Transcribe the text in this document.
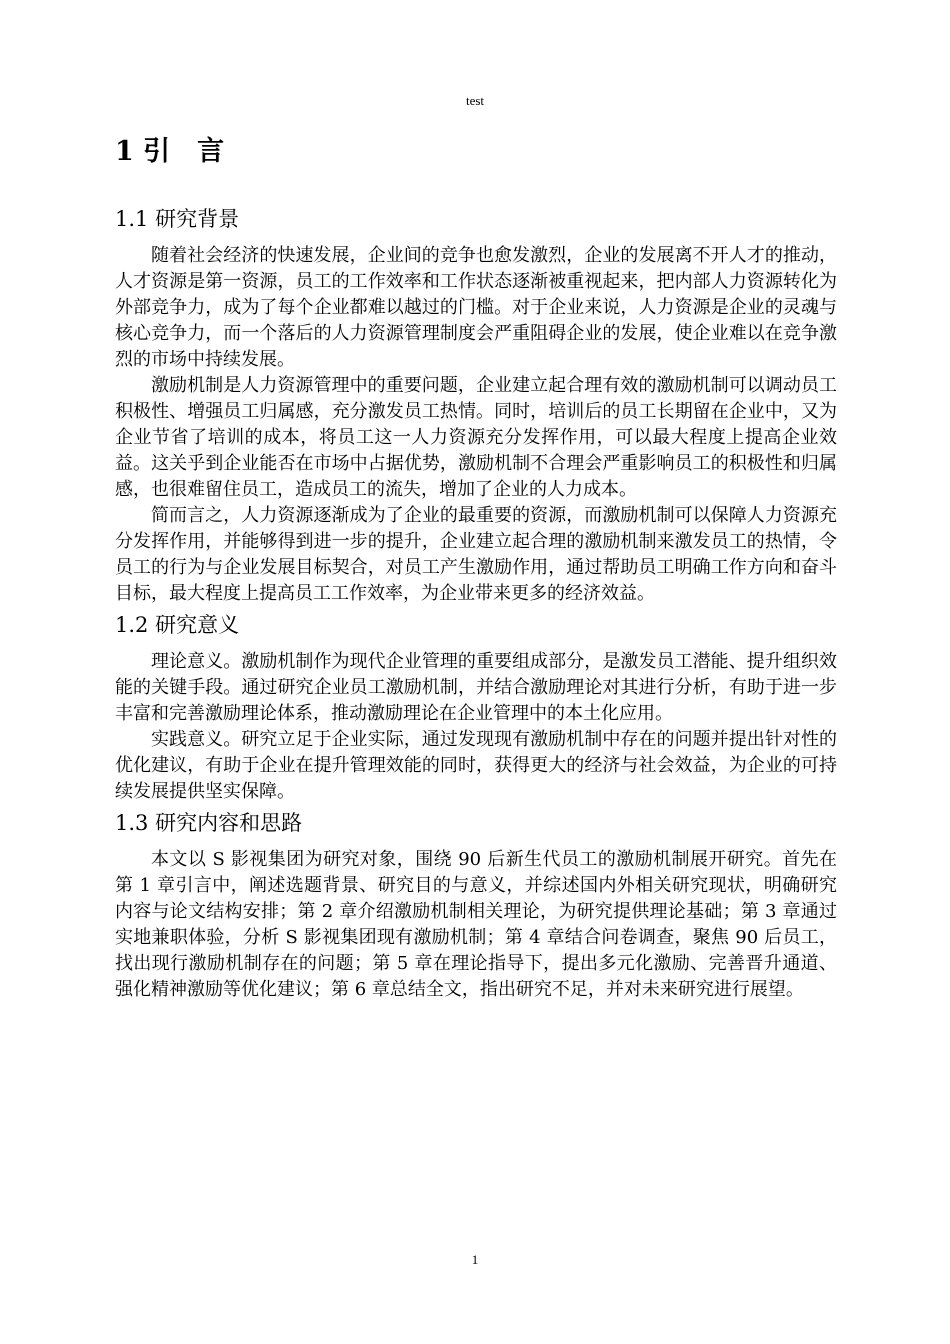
test
1 引　言
1.1 研究背景

随着社会经济的快速发展，企业间的竞争也愈发激烈，企业的发展离不开人才的推动，人才资源是第一资源，员工的工作效率和工作状态逐渐被重视起来，把内部人力资源转化为外部竞争力，成为了每个企业都难以越过的门槛。对于企业来说，人力资源是企业的灵魂与核心竞争力，而一个落后的人力资源管理制度会严重阻碍企业的发展，使企业难以在竞争激烈的市场中持续发展。

激励机制是人力资源管理中的重要问题，企业建立起合理有效的激励机制可以调动员工积极性、增强员工归属感，充分激发员工热情。同时，培训后的员工长期留在企业中，又为企业节省了培训的成本，将员工这一人力资源充分发挥作用，可以最大程度上提高企业效益。这关乎到企业能否在市场中占据优势，激励机制不合理会严重影响员工的积极性和归属感，也很难留住员工，造成员工的流失，增加了企业的人力成本。

简而言之，人力资源逐渐成为了企业的最重要的资源，而激励机制可以保障人力资源充分发挥作用，并能够得到进一步的提升，企业建立起合理的激励机制来激发员工的热情，令员工的行为与企业发展目标契合，对员工产生激励作用，通过帮助员工明确工作方向和奋斗目标，最大程度上提高员工工作效率，为企业带来更多的经济效益。

1.2 研究意义

理论意义。激励机制作为现代企业管理的重要组成部分，是激发员工潜能、提升组织效能的关键手段。通过研究企业员工激励机制，并结合激励理论对其进行分析，有助于进一步丰富和完善激励理论体系，推动激励理论在企业管理中的本土化应用。

实践意义。研究立足于企业实际，通过发现现有激励机制中存在的问题并提出针对性的优化建议，有助于企业在提升管理效能的同时，获得更大的经济与社会效益，为企业的可持续发展提供坚实保障。

1.3 研究内容和思路

本文以 S 影视集团为研究对象，围绕 90 后新生代员工的激励机制展开研究。首先在第 1 章引言中，阐述选题背景、研究目的与意义，并综述国内外相关研究现状，明确研究内容与论文结构安排；第 2 章介绍激励机制相关理论，为研究提供理论基础；第 3 章通过实地兼职体验，分析 S 影视集团现有激励机制；第 4 章结合问卷调查，聚焦 90 后员工，找出现行激励机制存在的问题；第 5 章在理论指导下，提出多元化激励、完善晋升通道、强化精神激励等优化建议；第 6 章总结全文，指出研究不足，并对未来研究进行展望。

1
